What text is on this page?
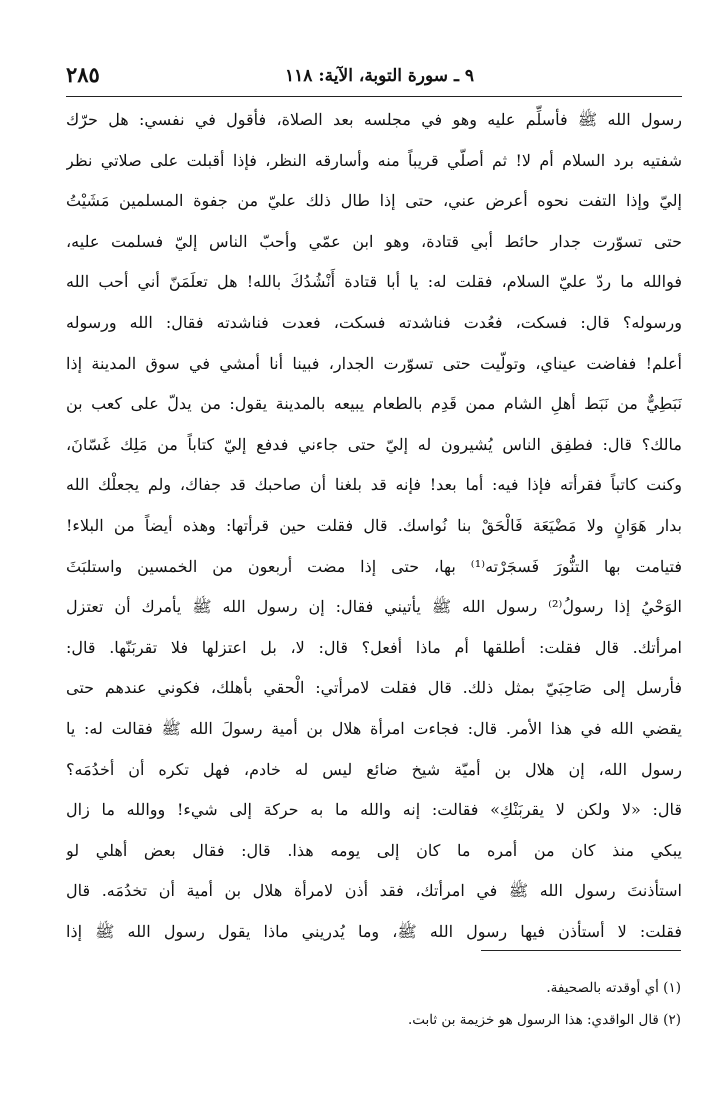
٩ ـ سورة التوبة، الآية: ١١٨
٢٨٥
رسول الله ﷺ فأسلِّم عليه وهو في مجلسه بعد الصلاة، فأقول في نفسي: هل حرّك
شفتيه برد السلام أم لا! ثم أصلّي قريباً منه وأسارقه النظر، فإذا أقبلت على صلاتي نظر
إليّ وإذا التفت نحوه أعرض عني، حتى إذا طال ذلك عليّ من جفوة المسلمين مَشَيْتُ
حتى تسوّرت جدار حائط أبي قتادة، وهو ابن عمّي وأحبّ الناس إليّ فسلمت عليه،
فوالله ما ردّ عليّ السلام، فقلت له: يا أبا قتادة أَنْشُدُكَ بالله! هل تعلَمَنّ أني أحب الله
ورسوله؟ قال: فسكت، فعُدت فناشدته فسكت، فعدت فناشدته فقال: الله ورسوله
أعلم! ففاضت عيناي، وتولّيت حتى تسوّرت الجدار، فبينا أنا أمشي في سوق المدينة إذا
نَبَطِيٌّ من نَبَط أهلِ الشام ممن قَدِم بالطعام يبيعه بالمدينة يقول: من يدلّ على كعب بن
مالك؟ قال: فطفِق الناس يُشيرون له إليّ حتى جاءني فدفع إليّ كتاباً من مَلِك غَسّانَ،
وكنت كاتباً فقرأته فإذا فيه: أما بعد! فإنه قد بلغنا أن صاحبك قد جفاك، ولم يجعلْك الله
بدار هَوَانٍ ولا مَضْيَعَة فَالْحَقْ بنا نُواسك. قال فقلت حين قرأتها: وهذه أيضاً من البلاء!
فتيامت بها التنُّورَ فَسجَرْته⁽¹⁾ بها، حتى إذا مضت أربعون من الخمسين واستلبَثَ
الوَحْيُ إذا رسولُ⁽²⁾ رسول الله ﷺ يأتيني فقال: إن رسول الله ﷺ يأمرك أن تعتزل
امرأتك. قال فقلت: أطلقها أم ماذا أفعل؟ قال: لا، بل اعتزلها فلا تقربَنّها. قال:
فأرسل إلى صَاحِبَيّ بمثل ذلك. قال فقلت لامرأتي: الْحقي بأهلك، فكوني عندهم حتى
يقضي الله في هذا الأمر. قال: فجاءت امرأة هلال بن أمية رسولَ الله ﷺ فقالت له: يا
رسول الله، إن هلال بن أميّة شيخ ضائع ليس له خادم، فهل تكره أن أخدُمَه؟
قال: «لا ولكن لا يقربَنْكِ» فقالت: إنه والله ما به حركة إلى شيء! ووالله ما زال
يبكي منذ كان من أمره ما كان إلى يومه هذا. قال: فقال بعض أهلي لو
استأذنتَ رسول الله ﷺ في امرأتك، فقد أذن لامرأة هلال بن أمية أن تخدُمَه. قال
فقلت: لا أستأذن فيها رسول الله ﷺ، وما يُدريني ماذا يقول رسول الله ﷺ إذا
(١) أي أوقدته بالصحيفة.
(٢) قال الواقدي: هذا الرسول هو خزيمة بن ثابت.
